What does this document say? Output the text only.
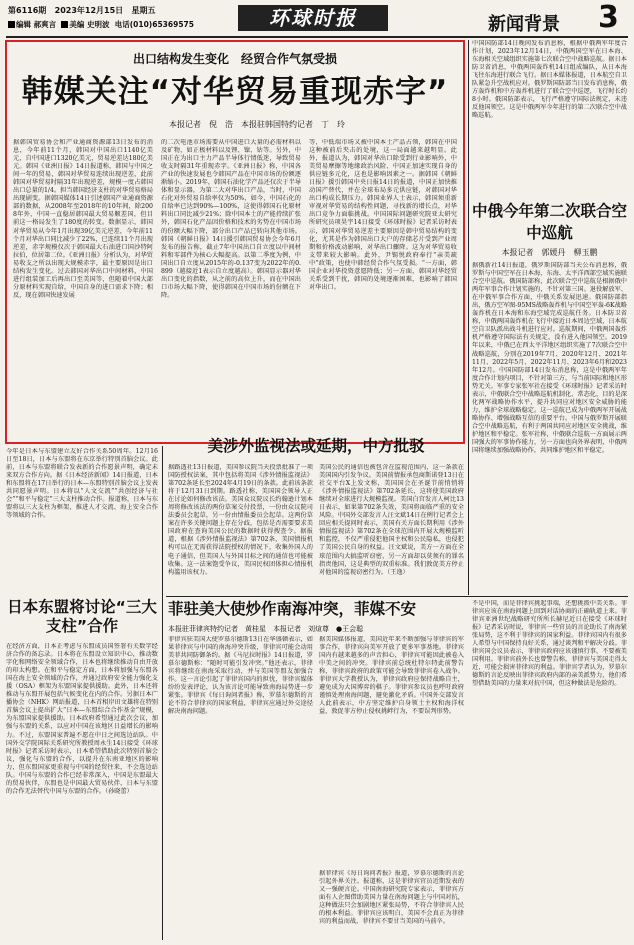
第6116期 2023年12月15日 星期五
编辑 郝爽言 美编 史明波 电话(010)65369575	环球时报	新闻背景 3
出口结构发生变化　经贸合作气氛受损
韩媒关注“对华贸易重现赤字”
本报记者　倪　浩　本报驻韩国特约记者　丁　玲
据韩国贸易协会和产业通商资源部13日发布的消息，今年前11个月，韩国对中国出口1140亿美元，自中国进口1320亿美元，贸易逆差达180亿美元。韩国《亚洲日报》14日报道称，韩国与中国之间一年的贸易，韩国对华贸易连续出现逆差，此前韩国对华贸易时隔31年出现逆差，规模一度占韩国出口总量的1/4。担当韩国经济支柱的对华贸易格局出现剧变。据韩国媒体14日引述韩国产业通商资源部的数据，从2008年至2018年的10年间，除2008年外，中国一直稳居韩国最大贸易顺差国，但目前这一格局发生了180度的转变。数据显示，韩国对华贸易从今年1月出现39亿美元逆差，今年前11个月对华出口同比减少了22%，已连续11个月出现逆差，赤字规模仅次于韩国最大石油进口国沙特阿拉伯，位居第二位。《亚洲日报》分析认为，对华贸易收支之所以出现大规模赤字，最主要原因是出口结构发生变化。过去韩国对华出口中间材料，中国进行组装加工后再出口至美国等，但随着中国大部分原材料实现自给，中国自身的进口需求下降；相反，现在韩国快速发展
的二次电池市场需要从中国进口大量的必需材料以及矿物，如正极材料以及锂、镍、钴等。另外，中国正在为出口主力产品半导体行情低迷，导致贸易收支时隔31年重现赤字。《亚洲日报》称，中国各产业的快速发展也令韩国产品在中国市场的份额逐渐缩小。2019年，韩国石油化学产品还仅次于半导体和显示器，为第二大对华出口产品，当时，中国石化对外贸易自给率仅为50%，如今，中国石化的自给率已达到90%—100%，这使得韩国石化原材料出口同比减少21%；除中国本土的产能持续扩张外，韩国石化产品因价格和技术的劣势在中国市场的份额大幅下降，部分出口产品已转向其他市场。韩国《朝鲜日报》14日援引韩国贸易协会今年6月发布的报告称，截止7年中国出口自立度以中间材料和零部件为核心大幅提高。以第二季度为例，中国出口自立度从2015年的-0.137变为2022年的0.899（越接近1表示自立度越高）。韩国显示器对华出口变化的指数，从之前的高位上升，而在中国出口市场大幅下降，使得韩国在中国市场的份额在下降。
等，中低端市场又被中国本土产品占领，韩国在中国这种被前后夹击的处境，这一局面越来越明显。此外，报道认为，韩国对华出口除受到行业影响外，中美贸易摩擦等地缘政治风险、中国正加速实现自身的供应链多元化，这也是影响因素之一。据韩国《朝鲜日报》援引韩国中央日报14日的报道，中国正加快推动国产替代，并在全球布局多元供应链，对韩国对华出口构成长期压力。韩国业界人士表示，韩国须重新审视对华贸易的结构性问题，寻找新的增长点，对华出口竞争力面临挑战。中国国际问题研究院亚太研究所研究员项昊宇14日接受《环球时报》记者采访时表示，韩国对华贸易逆差主要原因是韩中贸易结构的变化，尤其是作为韩国出口大户的存储芯片受到产业周期和价格波动影响，对华出口骤降。这为对华贸易收支带来较大影响。此外，尹锡悦政府奉行“亲美疏中”政策，也使中韩经贸合作气氛受损。“一方面，韩国企业对华投资意愿降低；另一方面，韩国对华经贸关系受到干扰，韩国的处境逐渐困难，也影响了韩国对华出口。
中国国防部14日晚间发布消息称，根据中俄两军年度合作计划，2023年12月14日，中俄两国空军在日本海、东海相关空域组织实施第七次联合空中战略巡航。据日本防卫省消息，中俄两国轰炸机14日组成编队，从日本海飞往东海进行联合飞行。据日本媒体报道，日本航空自卫队紧急升空战机应对。俄罗斯国防部当日发布消息称，俄方轰炸机和中方轰炸机进行了联合空中巡逻，飞行时长约8小时。俄国防部表示，飞行严格遵守国际法规定，未违反他国领空。这是中俄两军今年进行的第二次联合空中战略巡航。
中俄今年第二次联合空中巡航
本报记者　郭媛丹　柳玉鹏
据俄新社14日报道，俄罗斯国防部当天公布消息称，俄罗斯与中国空军在日本海、东海、太平洋西部空域实施联合空中巡航。俄国防部称，此次联合空中巡航是根据俄中两年军事合作计划实施的，不针对第三国。退役解放军、在中俄军事合作方面，中俄关系发展迅速。俄国防部指出，俄方空军图-95MS战略轰炸机与中国空军轰-6K战略轰炸机在日本海和东海空域完成巡航任务。日本防卫省称，中俄两国轰炸机在飞行中接近日本周边空域，日本航空自卫队派出战斗机进行应对。巡航期间，中俄两国轰炸机严格遵守国际法有关规定，没有进入他国领空。2019年以来，中俄已在西太平洋地区组织实施了7次联合空中战略巡航，分别在2019年7月、2020年12月、2021年11月、2022年5月、2022年11月、2023年6月和2023年12月。中国国防部14日发布消息称，这是中俄两军年度合作计划内项目，不针对第三方，与当前国际和地区形势无关。军事专家张军社在接受《环球时报》记者采访时表示，中俄联合空中战略巡航机制化、常态化，目的是深化两军战略协作水平，提升共同应对地区安全威胁的能力，维护全球战略稳定。这一巡航已成为中俄两军开展战略协作、增强战略互信的重要平台。中国与俄罗斯开展联合空中战略巡航，有利于两国共同应对地区安全挑战，维护地区和平稳定。张军社称，中俄联合巡航一方面展示两国强大的军事协作能力，另一方面也向外界表明，中俄两国将继续加强战略协作，共同维护地区和平稳定。
今年是日本与东盟建立友好合作关系50周年。12月16日至18日，日本与东盟将在东京举行特别首脑会议。此前，日本与东盟将联合发表新的合作愿景声明，确定未来双方合作方向。据《日本经济新闻》14日报道，日本和东盟将在17日举行的日本—东盟特别首脑会议上发表共同愿景声明。日本将以“人文交流”“共创经济与社会”“和平与稳定”三大支柱推动合作。报道称，日本与东盟将以三大支柱为框架，推进人才交流、海上安全合作等领域的合作。
日本东盟将讨论“三大支柱”合作
在经济方面，日本正考虑与东盟成员国签署有关数字经济合作的备忘录。日本将在东盟设立知识中心，推动数字化和网络安全领域合作，日本也将继续推动自由开放的印太构想。在和平与稳定方面，日本将加强与东盟各国在海上安全领域的合作，并通过政府安全能力强化支援（OSA）框架为东盟国家提供援助。此外，日本还将推动与东盟开展包括气候变化在内的合作。另据日本广播协会（NHK）网站报道，日本首相岸田文雄将在特别首脑会议上提出扩大“日本—东盟综合合作基金”规模，为东盟国家提供援助。日本政府希望通过此次会议，加强与东盟的关系，以应对中国在该地区日益增长的影响力。不过，东盟国家普遍不愿在中日之间选边站队。中国外交学院国际关系研究所教授周永生14日接受《环球时报》记者采访时表示，日本希望借助此次特别首脑会议，强化与东盟的合作，以提升在东南亚地区的影响力，但东盟国家更重视与中国的经贸往来，不会选边站队。中国与东盟的合作已经非常深入，中国是东盟最大的贸易伙伴，东盟也是中国最大贸易伙伴，日本与东盟的合作无法替代中国与东盟的合作。（孙晓蕾）
美涉外监视法或延期，中方批驳
据路透社13日报道，美国参议院当天投票批准了一项国防授权法案，其中包括将美国《涉外情报监视法》第702条延长至2024年4月19日的条款。此前该条款将于12月31日到期。路透社称，美国国会领导人正在讨论如何修改该法。美国众议院议长约翰逊计划本周将修改该法的两份草案交付投票，一份由众议院司法委员会起草，另一份由情报委员会起草。这两份草案在许多关键问题上存在分歧，包括是否需要要求美国政府在查询美国公民的数据时获得搜查令。据报道，根据《涉外情报监视法》第702条，美国情报机构可以在无需获得法院授权的情况下，收集外国人的电子通信，但美国人与外国目标之间的通信也可能被收集。这一法案饱受争议，美国民权团体担心情报机构滥用该权力。
美国公民的通信也被包含在监视范围内，这一条款在美国国内引发争议。美国前情报承包商斯诺登13日在社交平台X上发文称，美国国会在圣诞节前悄悄将《涉外情报监视法》第702条延长，这将使美国政府继续对全球进行大规模监视。美国白宫发言人柯比13日表示，如果第702条失效，美国将面临严重的安全风险。中国外交部发言人汪文斌14日在例行记者会上回应相关提问时表示，美国有关方面长期利用《涉外情报监视法》第702条在全球范围内开展大规模监听和监控，不仅严重侵犯他国主权和公民隐私，也侵犯了美国公民自身的权益。汪文斌说，美方一方面在全球范围内大搞监听窃密，另一方面却以莫须有的罪名指责他国，这是典型的双重标准。我们敦促美方停止对他国的监视窃密行为。（王逸）
菲驻美大使炒作南海冲突，菲媒不安
本报驻菲律宾特约记者　黄桂星　本报记者　刘煊尊　●王会聪
菲律宾驻美国大使罗慕尔德斯13日在华盛顿表示，如果菲律宾与中国的南海冲突升级，菲律宾可能会动用美菲共同防御条约。据《马尼拉时报》14日报道，罗慕尔德斯称：“随时可能引发冲突。”他还表示，菲律宾将继续在南海采取行动，并与美国等盟友加强合作。这一言论引起了菲律宾国内的担忧，菲律宾媒体纷纷发表评论，认为该言论可能导致南海局势进一步紧张。菲律宾《每日询问者报》称，罗慕尔德斯的言论不符合菲律宾的国家利益，菲律宾应通过外交途径解决南海问题。
据美国媒体报道，美国近年来不断加强与菲律宾的军事合作，菲律宾向美军开放了更多军事基地。菲律宾国内有越来越多的声音担心，菲律宾可能因此被卷入中美之间的冲突。菲律宾前总统杜特尔特此前警告称，菲律宾政府的政策可能会导致菲律宾卷入战争。菲律宾大学教授认为，菲律宾政府应保持战略自主，避免成为大国博弈的棋子。菲律宾参议员也呼吁政府谨慎处理南海问题，避免激化矛盾。中国外交部发言人此前表示，中方坚定维护自身领土主权和海洋权益，敦促菲方停止侵权挑衅行为，不要误判形势。
据菲律宾《每日询问者报》报道，罗慕尔德斯的言论引起外界关注。报道称，这是菲律宾官员近期发表的又一强硬言论。中国南海研究院专家表示，菲律宾方面有人企图借助美国力量在南海问题上与中国对抗，这种做法只会加剧地区紧张局势，不符合菲律宾人民的根本利益。菲律宾应该明白，美国不会真正为菲律宾的利益而战，菲律宾不要甘当美国的马前卒。
不是中国，而是菲律宾挑起事端，还想挑拨中美关系。菲律宾应该在南海问题上回到对话协商的正确轨道上来。菲律宾亚洲世纪战略研究所所长赫尼近日在接受《环球时报》记者采访时说，菲律宾一些官员的言论助长了南海紧张局势，这不利于菲律宾的国家利益。菲律宾国内有很多人希望与中国保持良好关系，通过谈判和平解决分歧。菲律宾国会议员表示，菲律宾政府应该谨慎行事，不要被美国利用。菲律宾前外长也曾警告称，菲律宾与美国走得太近，可能会损害菲律宾的利益。菲律宾学者认为，罗慕尔德斯的言论反映出菲律宾政府内部的亲美派势力，他们希望借助美国的力量来对抗中国，但这种做法是危险的。
